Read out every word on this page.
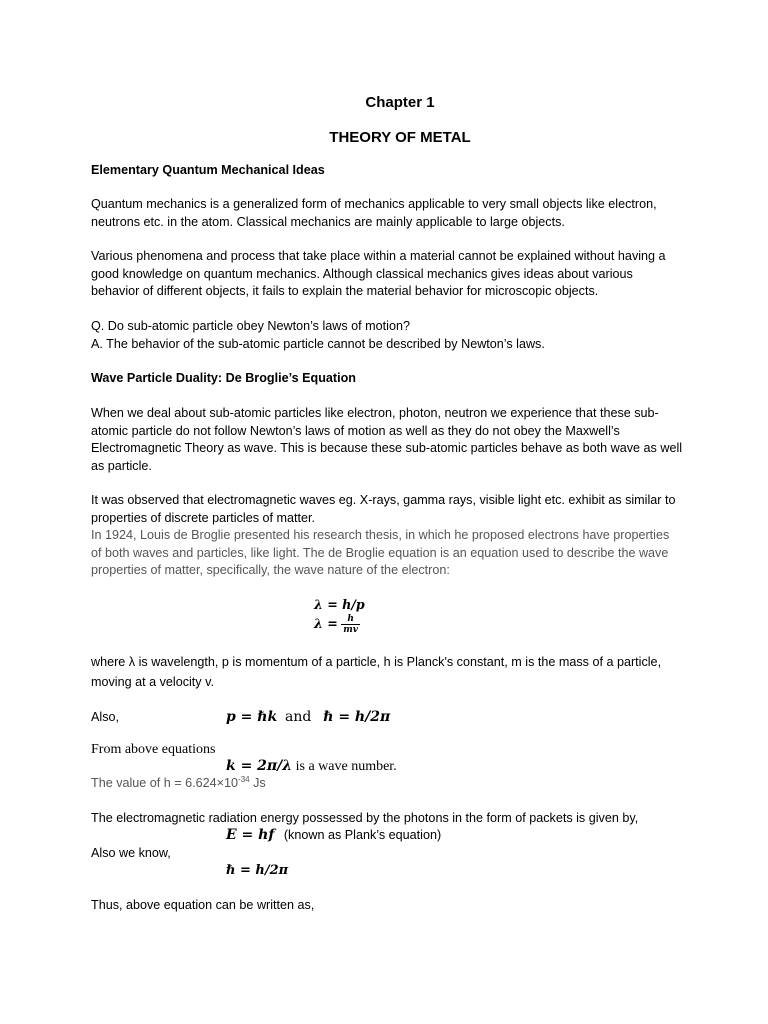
Chapter 1
THEORY OF METAL
Elementary Quantum Mechanical Ideas
Quantum mechanics is a generalized form of mechanics applicable to very small objects like electron,
neutrons etc. in the atom. Classical mechanics are mainly applicable to large objects.
Various phenomena and process that take place within a material cannot be explained without having a
good knowledge on quantum mechanics. Although classical mechanics gives ideas about various
behavior of different objects, it fails to explain the material behavior for microscopic objects.
Q. Do sub-atomic particle obey Newton’s laws of motion?
A. The behavior of the sub-atomic particle cannot be described by Newton’s laws.
Wave Particle Duality: De Broglie’s Equation
When we deal about sub-atomic particles like electron, photon, neutron we experience that these sub-
atomic particle do not follow Newton’s laws of motion as well as they do not obey the Maxwell’s
Electromagnetic Theory as wave. This is because these sub-atomic particles behave as both wave as well
as particle.
It was observed that electromagnetic waves eg. X-rays, gamma rays, visible light etc. exhibit as similar to
properties of discrete particles of matter.
In 1924, Louis de Broglie presented his research thesis, in which he proposed electrons have properties
of both waves and particles, like light. The de Broglie equation is an equation used to describe the wave
properties of matter, specifically, the wave nature of the electron:
λ = h/p
$\lambda = \frac{h}{mv}$
where λ is wavelength, p is momentum of a particle, h is Planck's constant, m is the mass of a particle,
moving at a velocity v.
Also,	p = ℏk and ℏ = h/2π
From above equations
k = 2π/λ is a wave number.
The value of $h = 6.624\times 10^{-34}$ Js
The electromagnetic radiation energy possessed by the photons in the form of packets is given by,
E = hf (known as Plank’s equation)
Also we know,
ℏ = h/2π
Thus, above equation can be written as,
